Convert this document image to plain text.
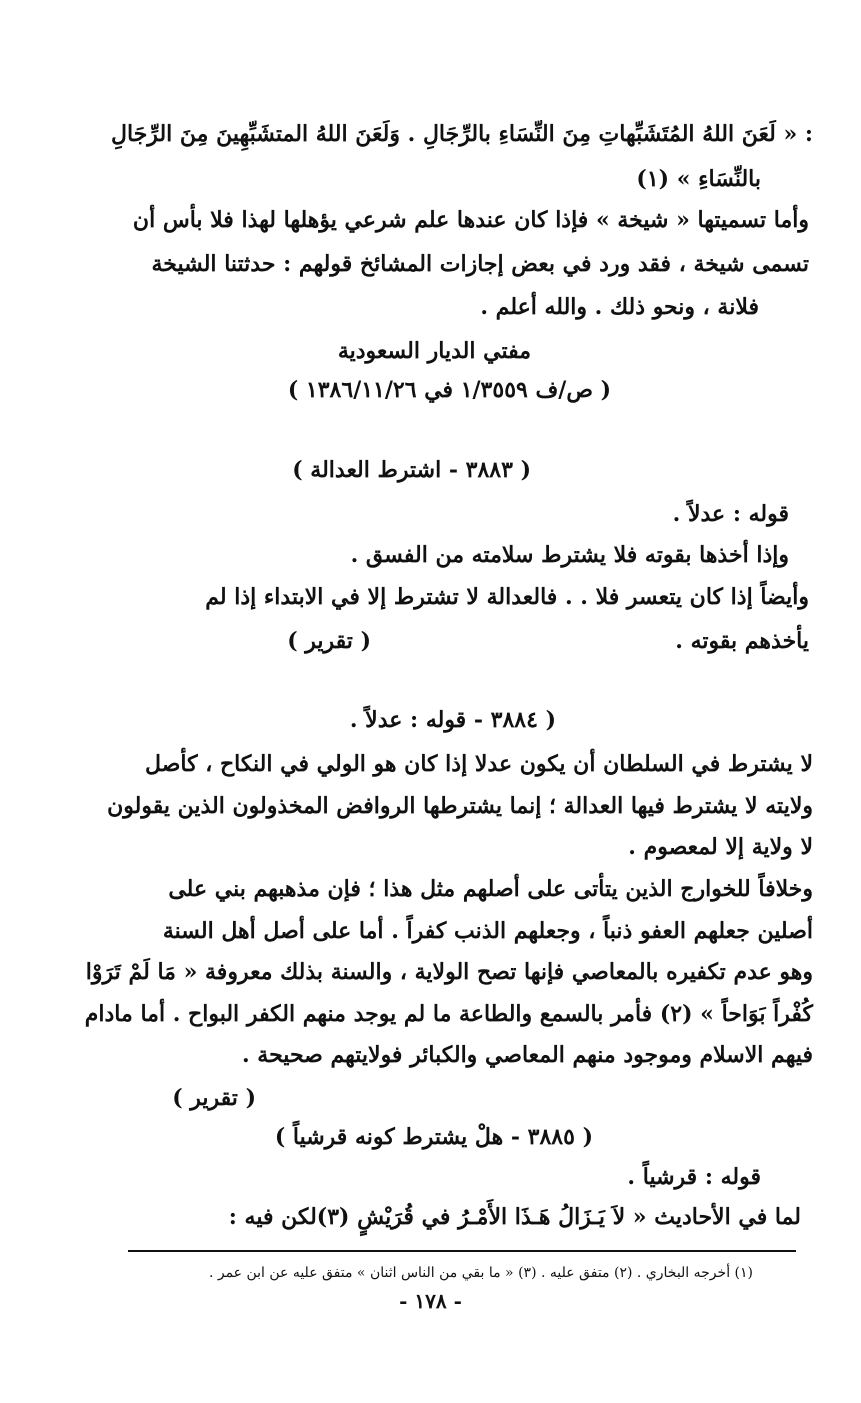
: « لَعَنَ اللهُ المُتَشَبِّهاتِ مِنَ النِّسَاءِ بالرِّجَالِ . وَلَعَنَ اللهُ المتشَبِّهِينَ مِنَ الرِّجَالِ
بالنِّسَاءِ » (١)
وأما تسميتها « شيخة » فإذا كان عندها علم شرعي يؤهلها لهذا فلا بأس أن
تسمى شيخة ، فقد ورد في بعض إجازات المشائخ قولهم : حدثتنا الشيخة
فلانة ، ونحو ذلك . والله أعلم .
مفتي الديار السعودية
( ص/ف ١/٣٥٥٩ في ١٣٨٦/١١/٢٦ )
( ٣٨٨٣ - اشترط العدالة )
قوله : عدلاً .
وإذا أخذها بقوته فلا يشترط سلامته من الفسق .
وأيضاً إذا كان يتعسر فلا . . فالعدالة لا تشترط إلا في الابتداء إذا لم
يأخذهم بقوته .
( تقرير )
( ٣٨٨٤ - قوله : عدلاً .
لا يشترط في السلطان أن يكون عدلا إذا كان هو الولي في النكاح ، كأصل
ولايته لا يشترط فيها العدالة ؛ إنما يشترطها الروافض المخذولون الذين يقولون
لا ولاية إلا لمعصوم .
وخلافاً للخوارج الذين يتأتى على أصلهم مثل هذا ؛ فإن مذهبهم بني على
أصلين جعلهم العفو ذنباً ، وجعلهم الذنب كفراً . أما على أصل أهل السنة
وهو عدم تكفيره بالمعاصي فإنها تصح الولاية ، والسنة بذلك معروفة « مَا لَمْ تَرَوْا
كُفْراً بَوَاحاً » (٢) فأمر بالسمع والطاعة ما لم يوجد منهم الكفر البواح . أما مادام
فيهم الاسلام وموجود منهم المعاصي والكبائر فولايتهم صحيحة .
( تقرير )
( ٣٨٨٥ - هلْ يشترط كونه قرشياً )
قوله : قرشياً .
لما في الأحاديث « لاَ يَـزَالُ هَـذَا الأَمْـرُ في قُرَيْشٍ (٣)لكن فيه :
(١) أخرجه البخاري . (٢) متفق عليه . (٣) « ما بقي من الناس اثنان » متفق عليه عن ابن عمر .
- ١٧٨ -
